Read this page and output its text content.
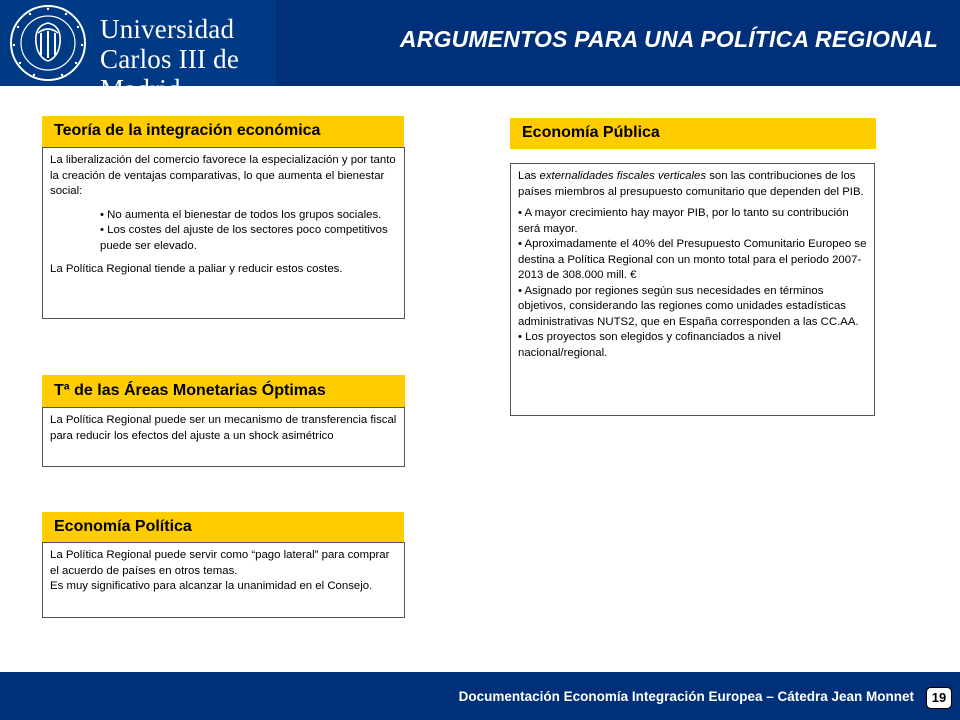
Universidad
Carlos III de Madrid
ARGUMENTOS PARA UNA POLÍTICA REGIONAL
Teoría de la integración económica

La liberalización del comercio favorece la especialización y por tanto la creación de ventajas comparativas, lo que aumenta el bienestar social:

• No aumenta el bienestar de todos los grupos sociales.

• Los costes del ajuste de los sectores poco competitivos puede ser elevado.

La Política Regional tiende a paliar y reducir estos costes.

Tª de las Áreas Monetarias Óptimas

La Política Regional puede ser un mecanismo de transferencia fiscal para reducir los efectos del ajuste a un shock asimétrico

Economía Política

La Política Regional puede servir como “pago lateral” para comprar el acuerdo de países en otros temas.

Es muy significativo para alcanzar la unanimidad en el Consejo.

Economía Pública

Las externalidades fiscales verticales son las contribuciones de los países miembros al presupuesto comunitario que dependen del PIB.

• A mayor crecimiento hay mayor PIB, por lo tanto su contribución será mayor.

• Aproximadamente el 40% del Presupuesto Comunitario Europeo se destina a Política Regional con un monto total para el periodo 2007-2013 de 308.000 mill. €

• Asignado por regiones según sus necesidades en términos objetivos, considerando las regiones como unidades estadísticas administrativas NUTS2, que en España corresponden a las CC.AA.

• Los proyectos son elegidos y cofinanciados a nivel nacional/regional.

Documentación Economía Integración Europea – Cátedra Jean Monnet	19
